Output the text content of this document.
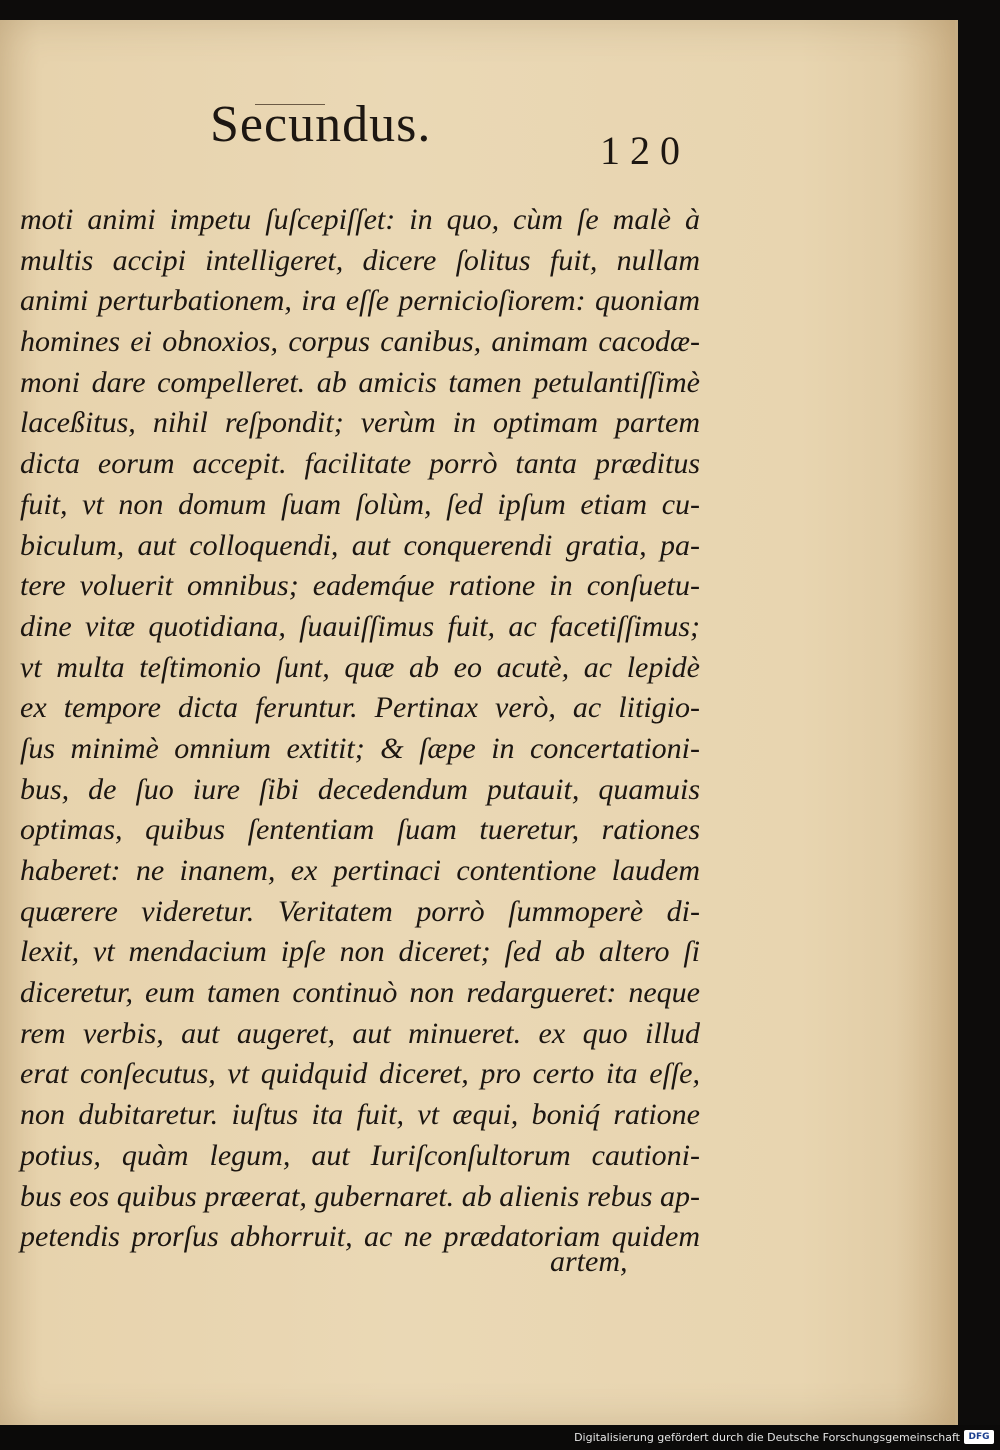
Secundus.	120
moti animi impetu ſuſcepiſſet: in quo, cùm ſe malè à
multis accipi intelligeret, dicere ſolitus fuit, nullam
animi perturbationem, ira eſſe pernicioſiorem: quoniam
homines ei obnoxios, corpus canibus, animam cacodæ-
moni dare compelleret. ab amicis tamen petulantiſſimè
laceßitus, nihil reſpondit; verùm in optimam partem
dicta eorum accepit. facilitate porrò tanta præditus
fuit, vt non domum ſuam ſolùm, ſed ipſum etiam cu-
biculum, aut colloquendi, aut conquerendi gratia, pa-
tere voluerit omnibus; eademq́ue ratione in conſuetu-
dine vitæ quotidiana, ſuauiſſimus fuit, ac facetiſſimus;
vt multa teſtimonio ſunt, quæ ab eo acutè, ac lepidè
ex tempore dicta feruntur. Pertinax verò, ac litigio-
ſus minimè omnium extitit; & ſæpe in concertationi-
bus, de ſuo iure ſibi decedendum putauit, quamuis
optimas, quibus ſententiam ſuam tueretur, rationes
haberet: ne inanem, ex pertinaci contentione laudem
quærere videretur. Veritatem porrò ſummoperè di-
lexit, vt mendacium ipſe non diceret; ſed ab altero ſi
diceretur, eum tamen continuò non redargueret: neque
rem verbis, aut augeret, aut minueret. ex quo illud
erat conſecutus, vt quidquid diceret, pro certo ita eſſe,
non dubitaretur. iuſtus ita fuit, vt æqui, boniq́ ratione
potius, quàm legum, aut Iuriſconſultorum cautioni-
bus eos quibus præerat, gubernaret. ab alienis rebus ap-
petendis prorſus abhorruit, ac ne prædatoriam quidem
artem,
Digitalisierung gefördert durch die Deutsche Forschungsgemeinschaft DFG
